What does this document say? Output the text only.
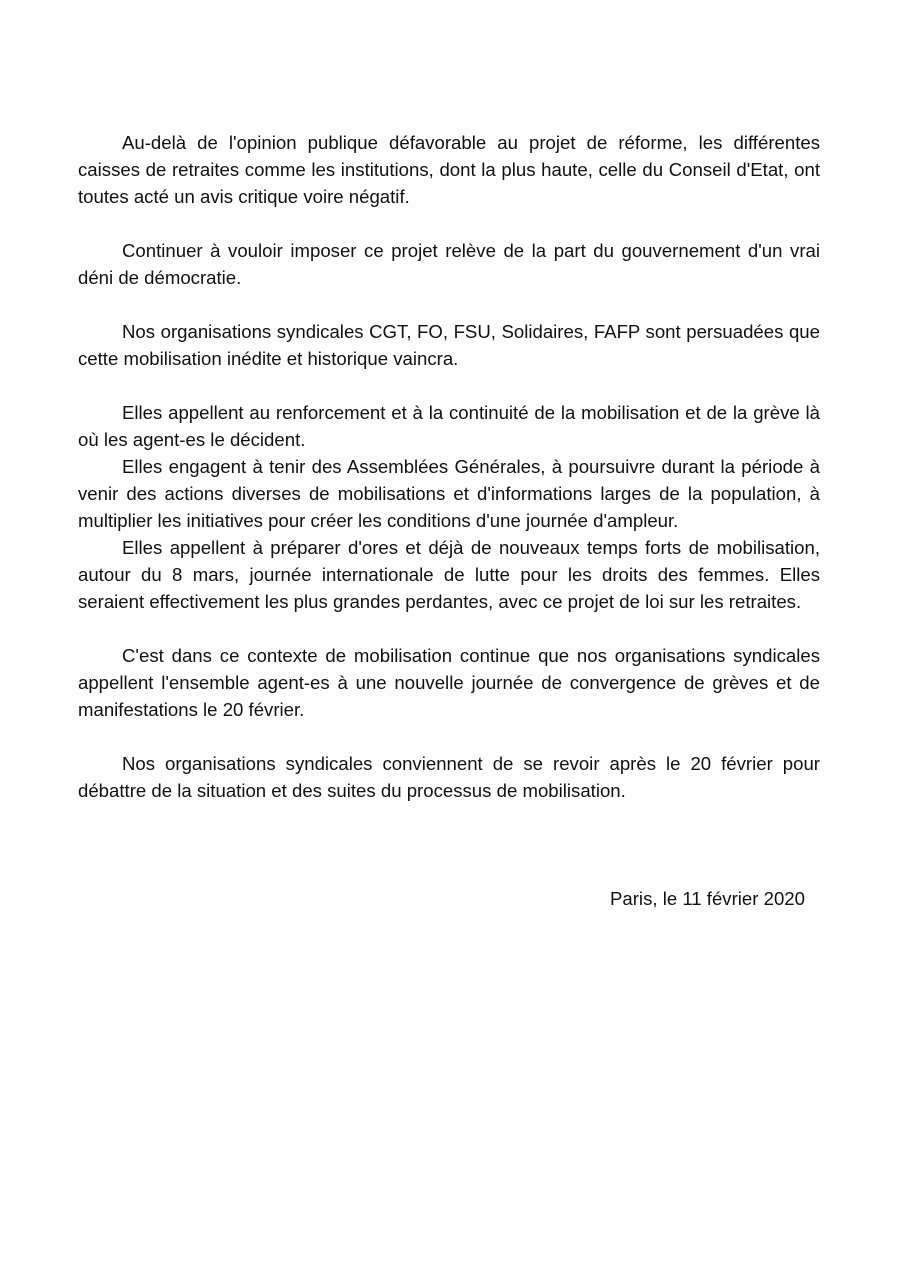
Au-delà de l'opinion publique défavorable au projet de réforme, les différentes caisses de retraites comme les institutions, dont la plus haute, celle du Conseil d'Etat, ont toutes acté un avis critique voire négatif.

Continuer à vouloir imposer ce projet relève de la part du gouvernement d'un vrai déni de démocratie.

Nos organisations syndicales CGT, FO, FSU, Solidaires, FAFP sont persuadées que cette mobilisation inédite et historique vaincra.

Elles appellent au renforcement et à la continuité de la mobilisation et de la grève là où les agent-es le décident.

Elles engagent à tenir des Assemblées Générales, à poursuivre durant la période à venir des actions diverses de mobilisations et d'informations larges de la population, à multiplier les initiatives pour créer les conditions d'une journée d'ampleur.

Elles appellent à préparer d'ores et déjà de nouveaux temps forts de mobilisation, autour du 8 mars, journée internationale de lutte pour les droits des femmes. Elles seraient effectivement les plus grandes perdantes, avec ce projet de loi sur les retraites.

C'est dans ce contexte de mobilisation continue que nos organisations syndicales appellent l'ensemble agent-es à une nouvelle journée de convergence de grèves et de manifestations le 20 février.

Nos organisations syndicales conviennent de se revoir après le 20 février pour débattre de la situation et des suites du processus de mobilisation.

Paris, le 11 février 2020
